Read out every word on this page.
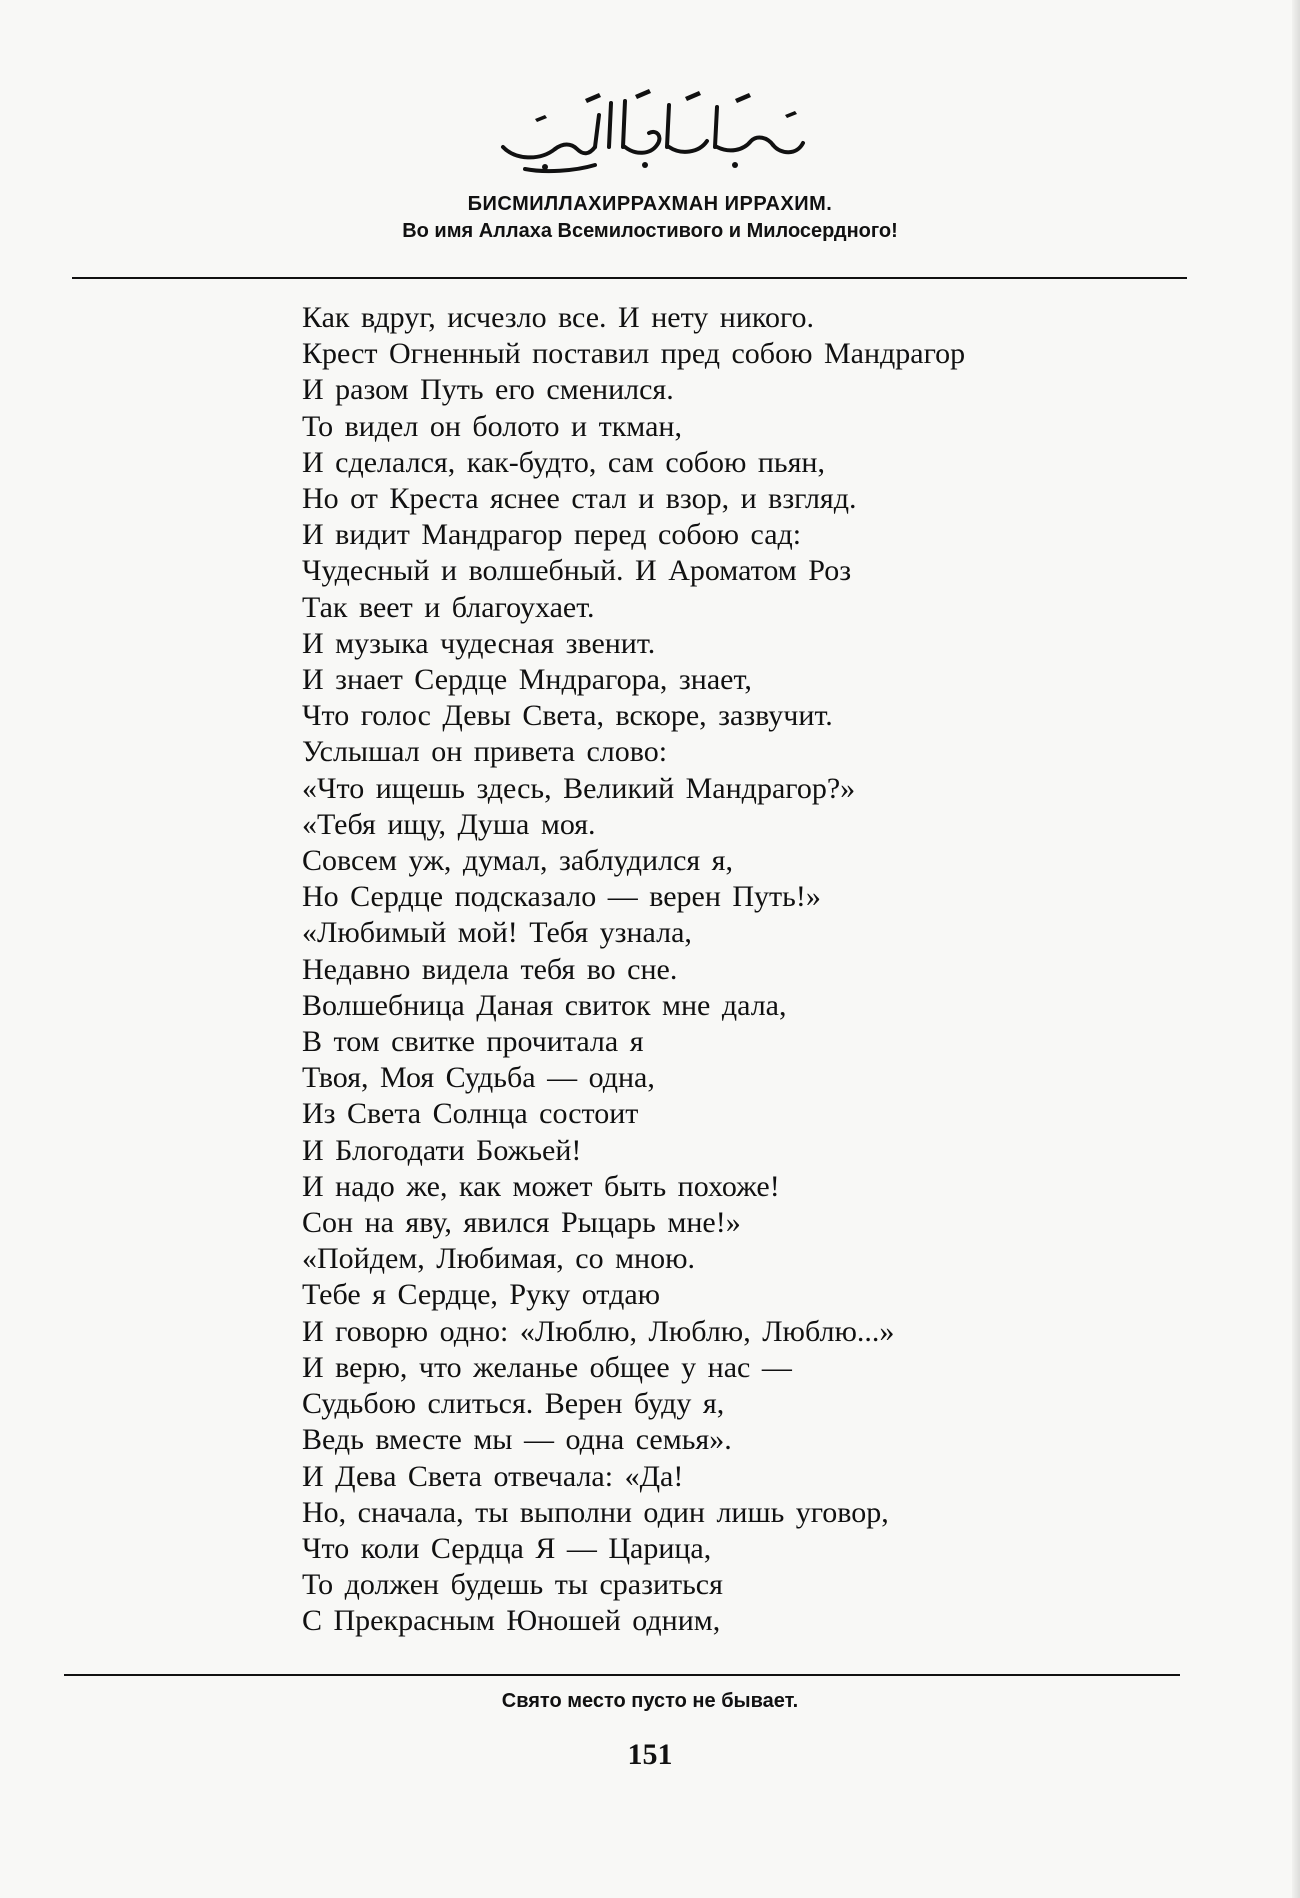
БИСМИЛЛАХИРРАХМАН ИРРАХИМ.
Во имя Аллаха Всемилостивого и Милосердного!
Как вдруг, исчезло все. И нету никого.
Крест Огненный поставил пред собою Мандрагор
И разом Путь его сменился.
То видел он болото и ткман,
И сделался, как-будто, сам собою пьян,
Но от Креста яснее стал и взор, и взгляд.
И видит Мандрагор перед собою сад:
Чудесный и волшебный. И Ароматом Роз
Так веет и благоухает.
И музыка чудесная звенит.
И знает Сердце Мндрагора, знает,
Что голос Девы Света, вскоре, зазвучит.
Услышал он привета слово:
«Что ищешь здесь, Великий Мандрагор?»
«Тебя ищу, Душа моя.
Совсем уж, думал, заблудился я,
Но Сердце подсказало — верен Путь!»
«Любимый мой! Тебя узнала,
Недавно видела тебя во сне.
Волшебница Даная свиток мне дала,
В том свитке прочитала я
Твоя, Моя Судьба — одна,
Из Света Солнца состоит
И Блогодати Божьей!
И надо же, как может быть похоже!
Сон на яву, явился Рыцарь мне!»
«Пойдем, Любимая, со мною.
Тебе я Сердце, Руку отдаю
И говорю одно: «Люблю, Люблю, Люблю...»
И верю, что желанье общее у нас —
Судьбою слиться. Верен буду я,
Ведь вместе мы — одна семья».
И Дева Света отвечала: «Да!
Но, сначала, ты выполни один лишь уговор,
Что коли Сердца Я — Царица,
То должен будешь ты сразиться
С Прекрасным Юношей одним,
Свято место пусто не бывает.
151
